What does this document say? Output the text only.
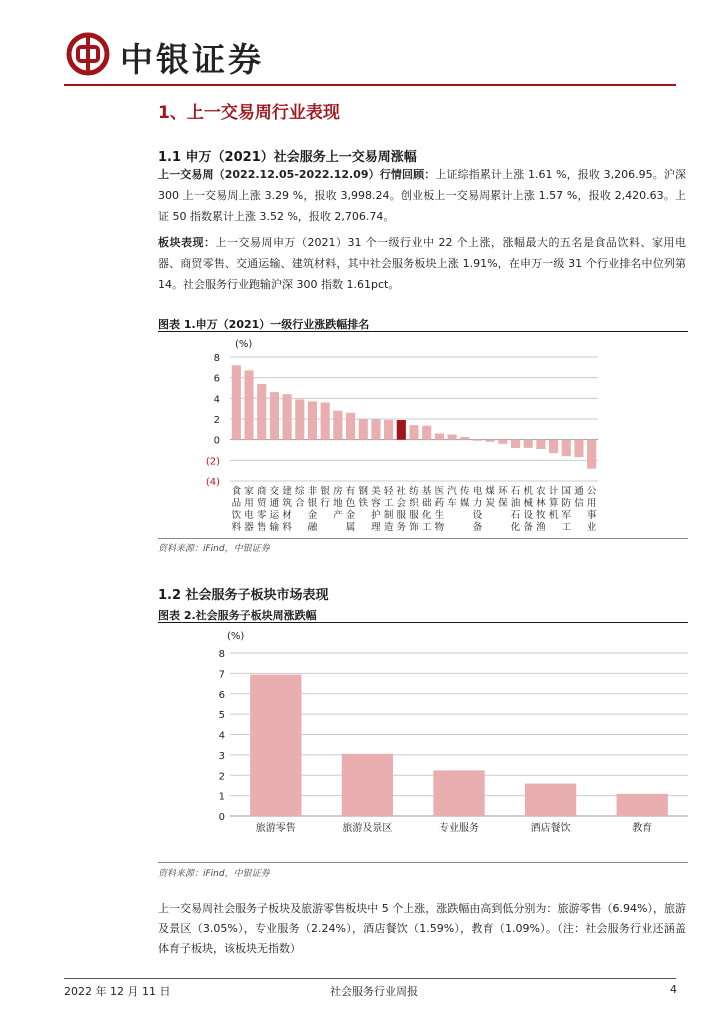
中银证券
1、上一交易周行业表现
1.1 申万（2021）社会服务上一交易周涨幅
上一交易周（2022.12.05-2022.12.09）行情回顾：上证综指累计上涨 1.61 %，报收 3,206.95。沪深 300 上一交易周上涨 3.29 %，报收 3,998.24。创业板上一交易周累计上涨 1.57 %，报收 2,420.63。上证 50 指数累计上涨 3.52 %，报收 2,706.74。
板块表现：上一交易周申万（2021）31 个一级行业中 22 个上涨，涨幅最大的五名是食品饮料、家用电器、商贸零售、交通运输、建筑材料，其中社会服务板块上涨 1.91%，在申万一级 31 个行业排名中位列第 14。社会服务行业跑输沪深 300 指数 1.61pct。
图表 1.申万（2021）一级行业涨跌幅排名
(%)
8
6
4
2
0
(2)
(4)
食
品
饮
料
家
用
电
器
商
贸
零
售
交
通
运
输
建
筑
材
料
综
合
非
银
金
融
银
行
房
地
产
有
色
金
属
钢
铁
美
容
护
理
轻
工
制
造
社
会
服
务
纺
织
服
饰
基
础
化
工
医
药
生
物
汽
车
传
媒
电
力
设
备
煤
炭
环
保
石
油
石
化
机
械
设
备
农
林
牧
渔
计
算
机
国
防
军
工
通
信
公
用
事
业
资料来源：iFind，中银证券
1.2 社会服务子板块市场表现
图表 2.社会服务子板块周涨跌幅
(%)
0
1
2
3
4
5
6
7
8
旅游零售	旅游及景区	专业服务	酒店餐饮	教育
资料来源：iFind，中银证券
上一交易周社会服务子板块及旅游零售板块中 5 个上涨，涨跌幅由高到低分别为：旅游零售（6.94%），旅游及景区（3.05%），专业服务（2.24%），酒店餐饮（1.59%），教育（1.09%）。（注：社会服务行业还涵盖体育子板块，该板块无指数）
2022 年 12 月 11 日	社会服务行业周报	4
